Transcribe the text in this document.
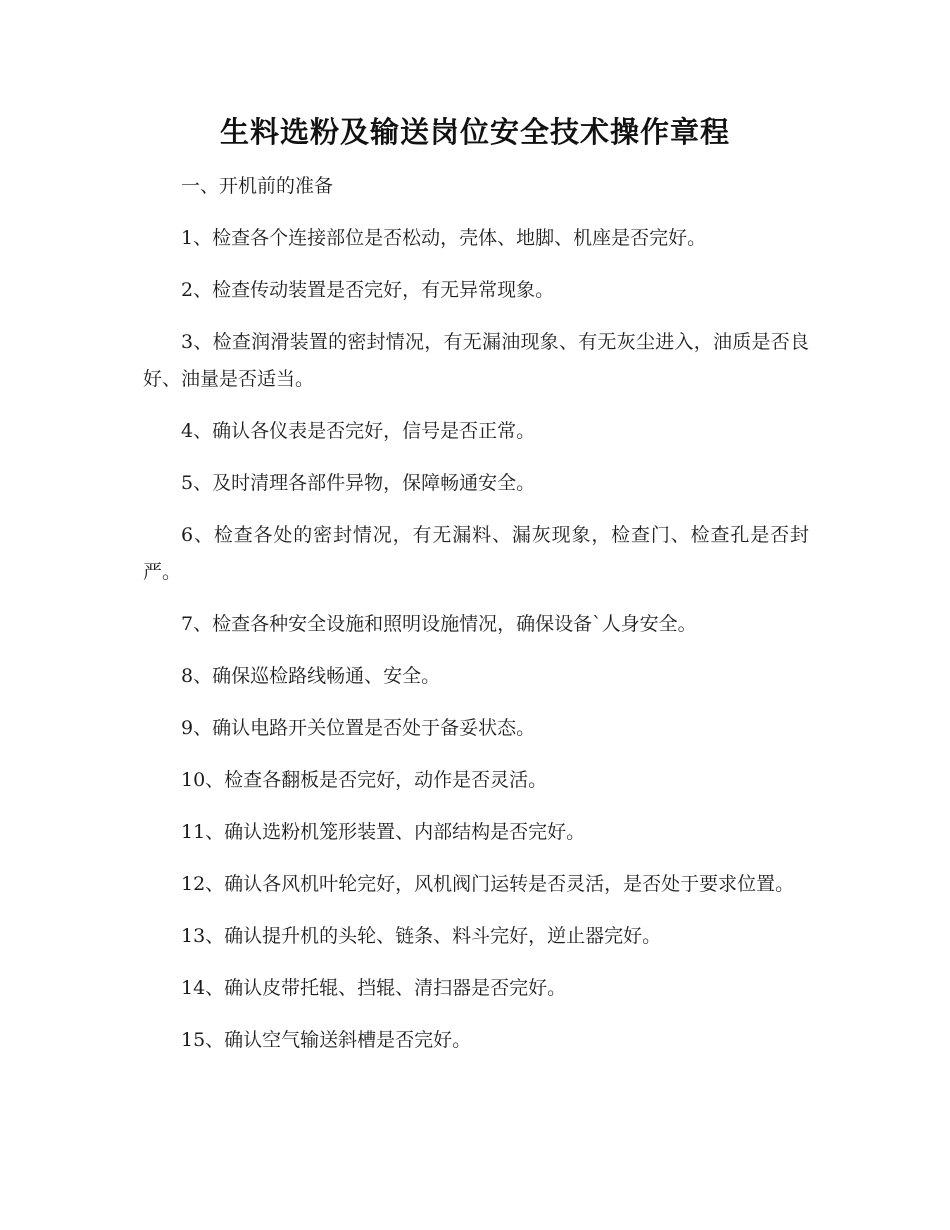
生料选粉及输送岗位安全技术操作章程

一、开机前的准备

1、检查各个连接部位是否松动，壳体、地脚、机座是否完好。

2、检查传动装置是否完好，有无异常现象。

3、检查润滑装置的密封情况，有无漏油现象、有无灰尘进入，油质是否良好、油量是否适当。

4、确认各仪表是否完好，信号是否正常。

5、及时清理各部件异物，保障畅通安全。

6、检查各处的密封情况，有无漏料、漏灰现象，检查门、检查孔是否封严。

7、检查各种安全设施和照明设施情况，确保设备`人身安全。

8、确保巡检路线畅通、安全。

9、确认电路开关位置是否处于备妥状态。

10、检查各翻板是否完好，动作是否灵活。

11、确认选粉机笼形装置、内部结构是否完好。

12、确认各风机叶轮完好，风机阀门运转是否灵活，是否处于要求位置。

13、确认提升机的头轮、链条、料斗完好，逆止器完好。

14、确认皮带托辊、挡辊、清扫器是否完好。

15、确认空气输送斜槽是否完好。
